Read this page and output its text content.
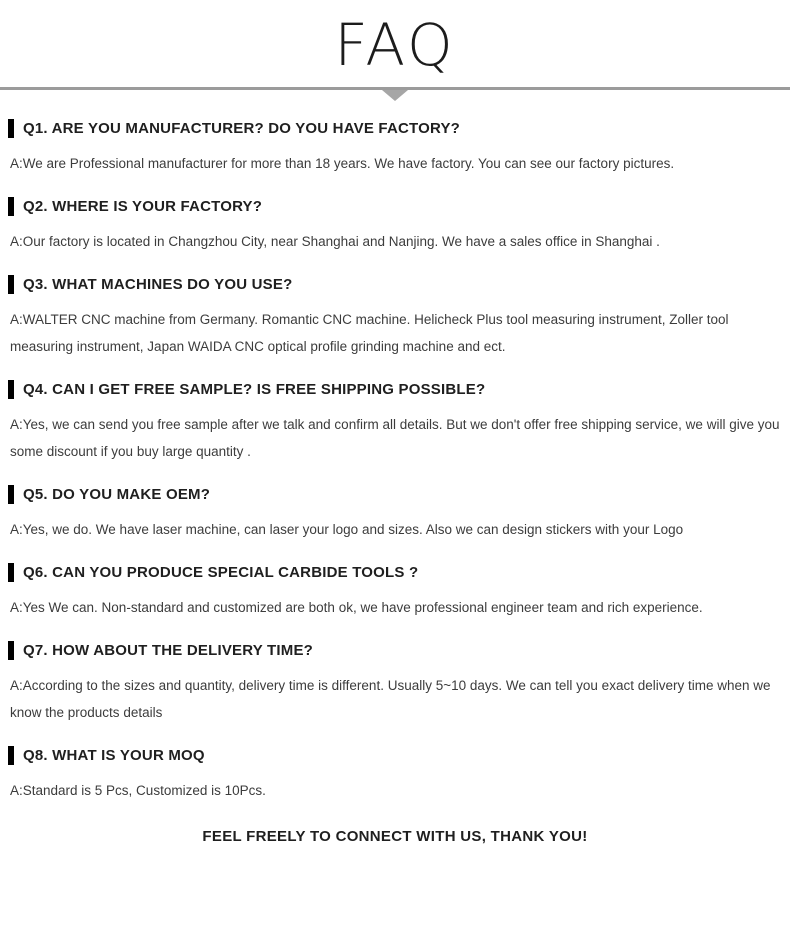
FAQ
Q1. ARE YOU MANUFACTURER? DO YOU HAVE FACTORY?

A:We are Professional manufacturer for more than 18 years. We have factory. You can see our factory pictures.

Q2. WHERE IS YOUR FACTORY?

A:Our factory is located in Changzhou City, near Shanghai and Nanjing. We have a sales office in Shanghai .

Q3. WHAT MACHINES DO YOU USE?

A:WALTER CNC machine from Germany. Romantic CNC machine. Helicheck Plus tool measuring instrument, Zoller tool measuring instrument, Japan WAIDA CNC optical profile grinding machine and ect.

Q4. CAN I GET FREE SAMPLE? IS FREE SHIPPING POSSIBLE?

A:Yes, we can send you free sample after we talk and confirm all details. But we don't offer free shipping service, we will give you some discount if you buy large quantity .

Q5. DO YOU MAKE OEM?

A:Yes, we do. We have laser machine, can laser your logo and sizes. Also we can design stickers with your Logo

Q6. CAN YOU PRODUCE SPECIAL CARBIDE TOOLS ?

A:Yes We can. Non-standard and customized are both ok, we have professional engineer team and rich experience.

Q7. HOW ABOUT THE DELIVERY TIME?

A:According to the sizes and quantity, delivery time is different. Usually 5~10 days. We can tell you exact delivery time when we know the products details

Q8. WHAT IS YOUR MOQ

A:Standard is 5 Pcs, Customized is 10Pcs.

FEEL FREELY TO CONNECT WITH US, THANK YOU!
